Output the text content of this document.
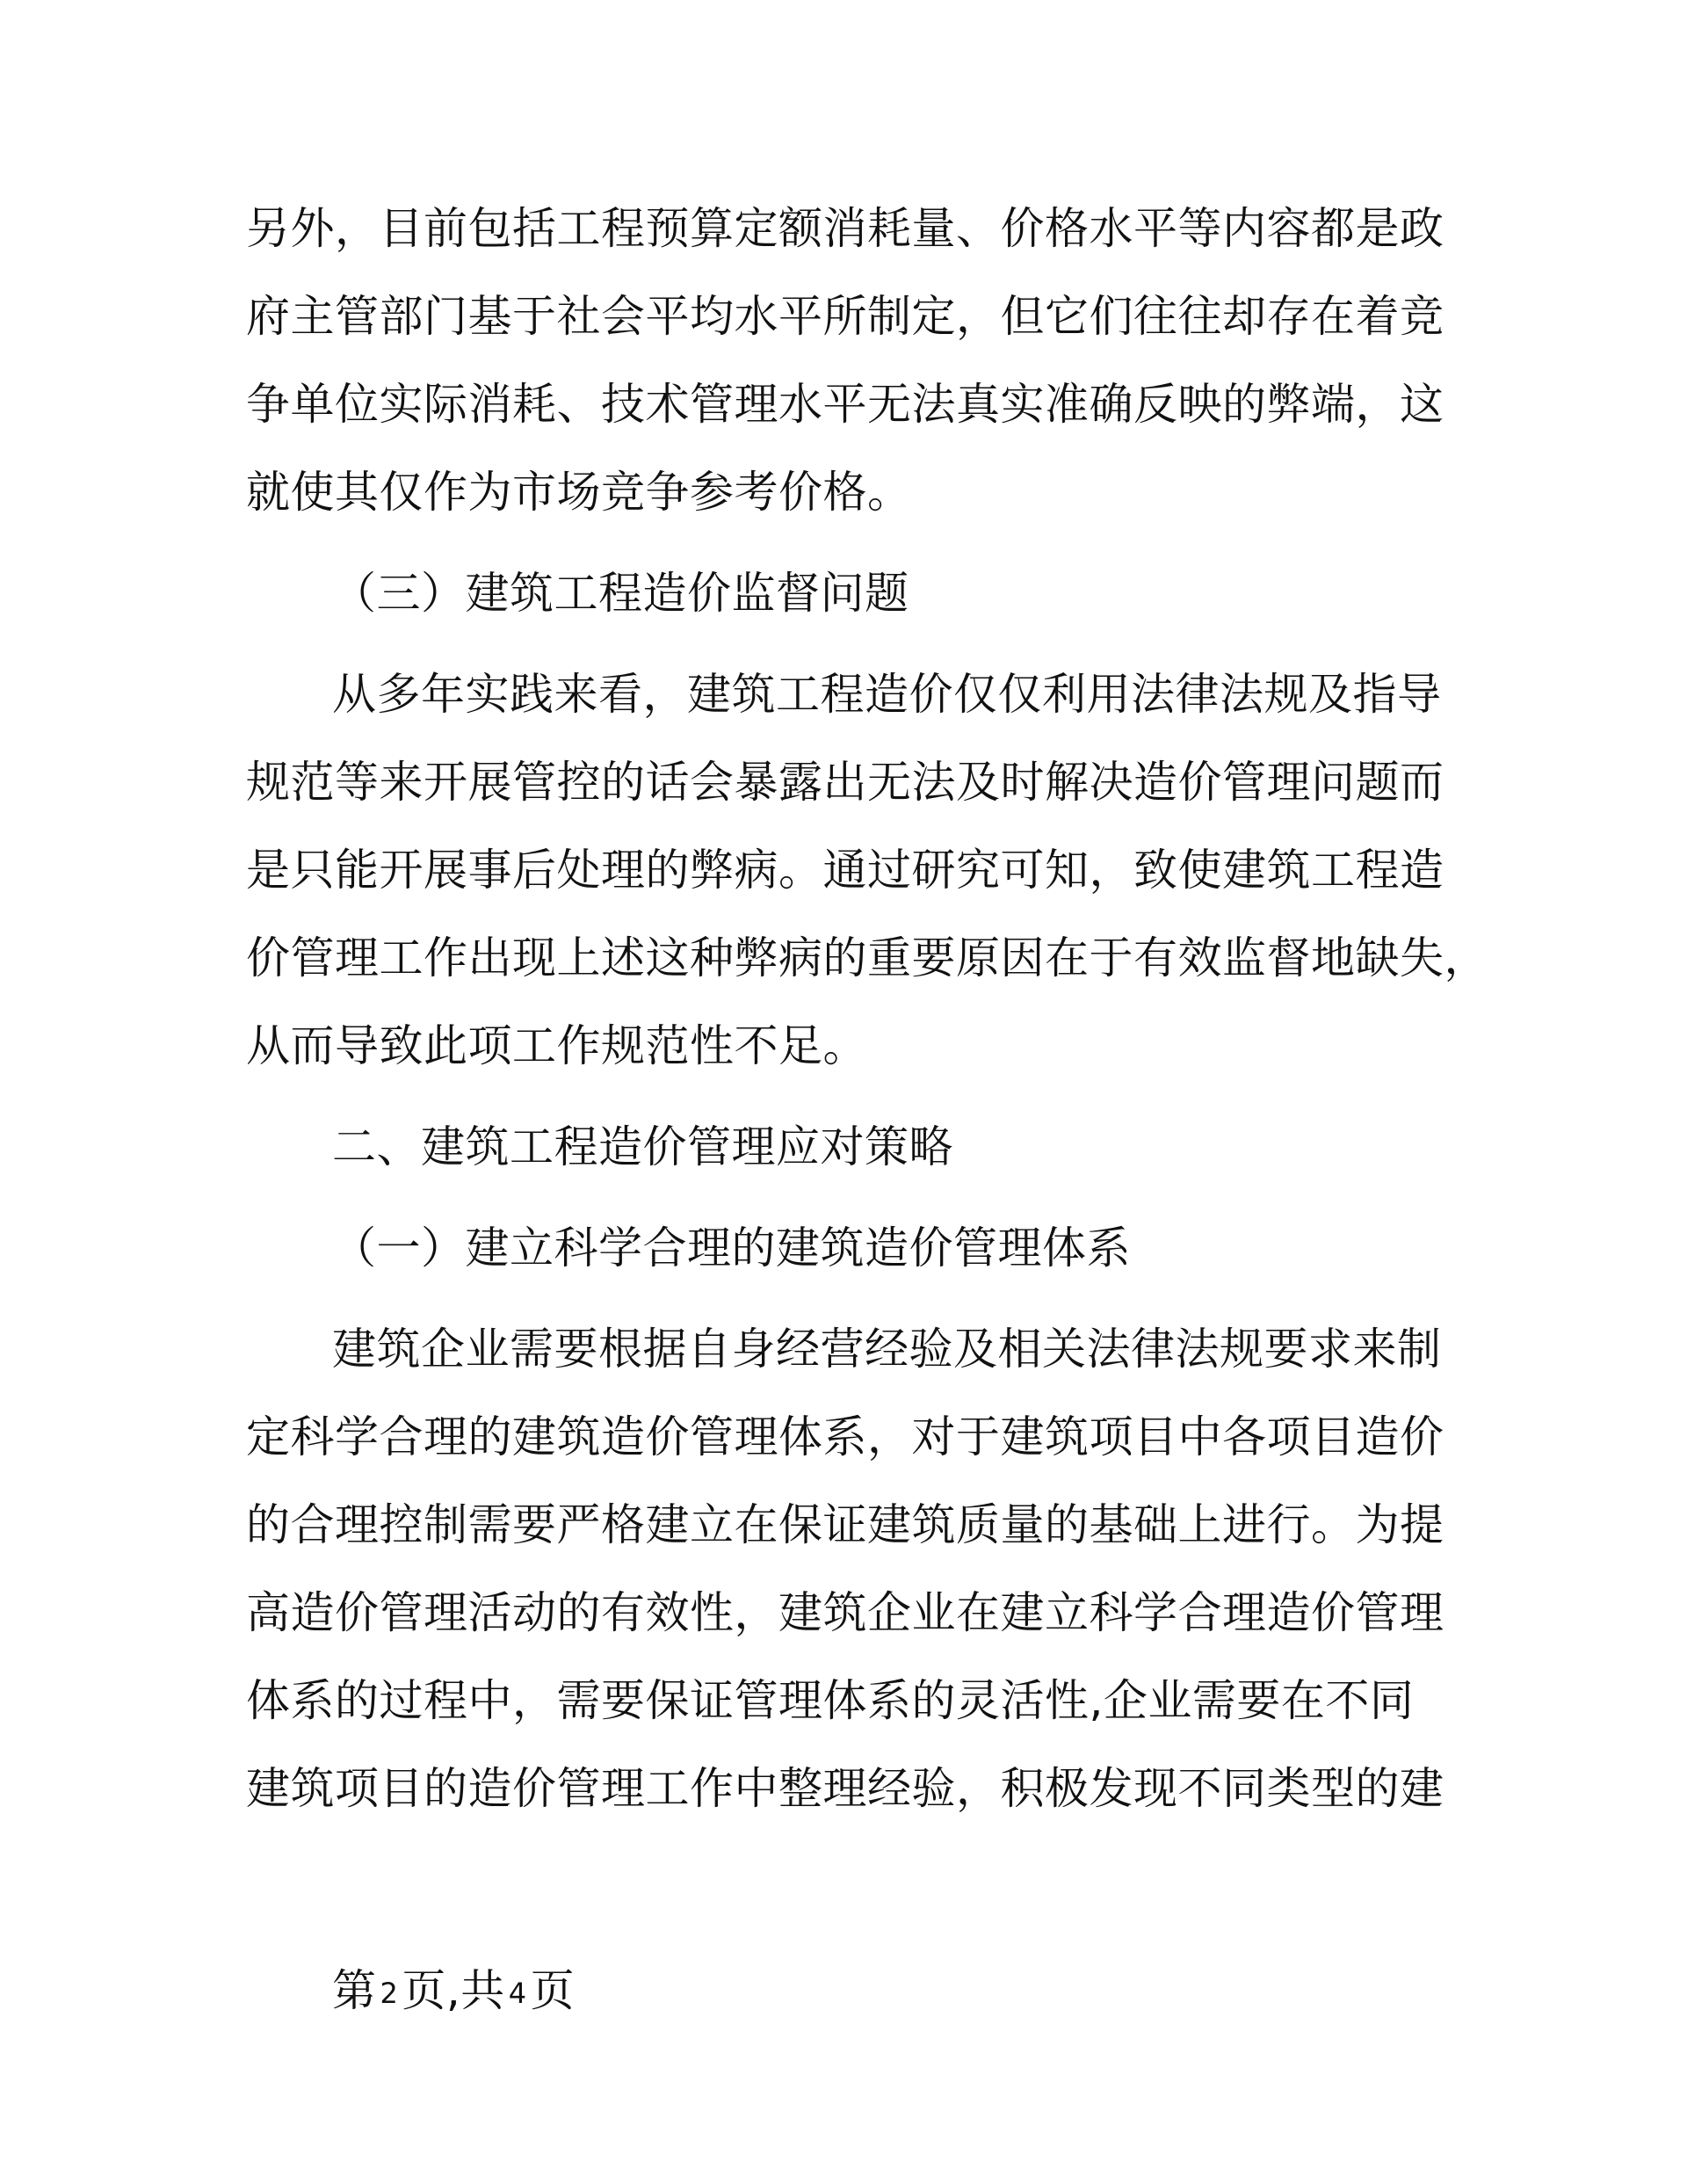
另外，目前包括工程预算定额消耗量、价格水平等内容都是政

府主管部门基于社会平均水平所制定，但它们往往却存在着竞

争单位实际消耗、技术管理水平无法真实准确反映的弊端，这

就使其仅作为市场竞争参考价格。

（三）建筑工程造价监督问题

从多年实践来看，建筑工程造价仅仅利用法律法规及指导

规范等来开展管控的话会暴露出无法及时解决造价管理问题而

是只能开展事后处理的弊病。通过研究可知，致使建筑工程造

价管理工作出现上述这种弊病的重要原因在于有效监督地缺失，

从而导致此项工作规范性不足。

二、建筑工程造价管理应对策略

（一）建立科学合理的建筑造价管理体系

建筑企业需要根据自身经营经验及相关法律法规要求来制

定科学合理的建筑造价管理体系，对于建筑项目中各项目造价

的合理控制需要严格建立在保证建筑质量的基础上进行。为提

高造价管理活动的有效性，建筑企业在建立科学合理造价管理

体系的过程中，需要保证管理体系的灵活性,企业需要在不同

建筑项目的造价管理工作中整理经验，积极发现不同类型的建

第 2页,共 4页
